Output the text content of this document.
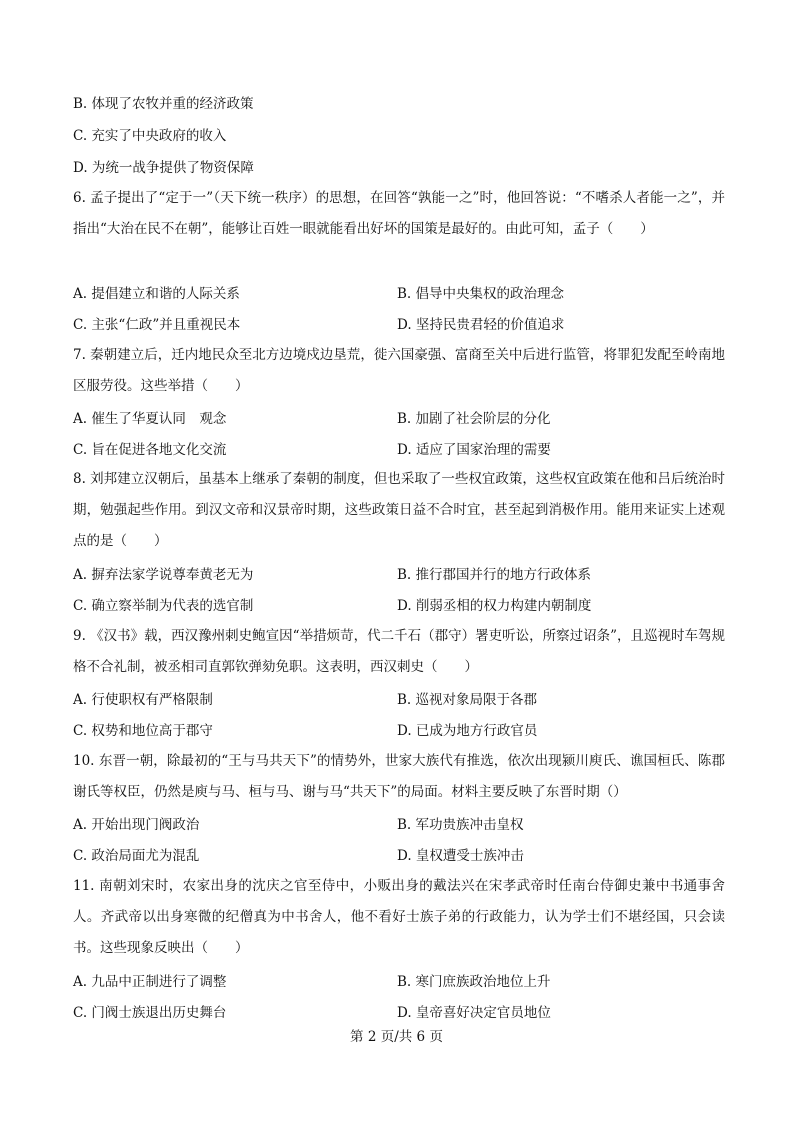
B. 体现了农牧并重的经济政策
C. 充实了中央政府的收入
D. 为统一战争提供了物资保障
6. 孟子提出了“定于一”（天下统一秩序）的思想，在回答“孰能一之”时，他回答说：“不嗜杀人者能一之”，并指出“大治在民不在朝”，能够让百姓一眼就能看出好坏的国策是最好的。由此可知，孟子（　　）
A. 提倡建立和谐的人际关系	B. 倡导中央集权的政治理念
C. 主张“仁政”并且重视民本	D. 坚持民贵君轻的价值追求
7. 秦朝建立后，迁内地民众至北方边境戍边垦荒，徙六国豪强、富商至关中后进行监管，将罪犯发配至岭南地区服劳役。这些举措（　　）
A. 催生了华夏认同　观念	B. 加剧了社会阶层的分化
C. 旨在促进各地文化交流	D. 适应了国家治理的需要
8. 刘邦建立汉朝后，虽基本上继承了秦朝的制度，但也采取了一些权宜政策，这些权宜政策在他和吕后统治时期，勉强起些作用。到汉文帝和汉景帝时期，这些政策日益不合时宜，甚至起到消极作用。能用来证实上述观点的是（　　）
A. 摒弃法家学说尊奉黄老无为	B. 推行郡国并行的地方行政体系
C. 确立察举制为代表的选官制	D. 削弱丞相的权力构建内朝制度
9. 《汉书》载，西汉豫州刺史鲍宣因“举措烦苛，代二千石（郡守）署吏听讼，所察过诏条”，且巡视时车驾规格不合礼制，被丞相司直郭钦弹劾免职。这表明，西汉刺史（　　）
A. 行使职权有严格限制	B. 巡视对象局限于各郡
C. 权势和地位高于郡守	D. 已成为地方行政官员
10. 东晋一朝，除最初的“王与马共天下”的情势外，世家大族代有推选，依次出现颍川庾氏、谯国桓氏、陈郡谢氏等权臣，仍然是庾与马、桓与马、谢与马“共天下”的局面。材料主要反映了东晋时期（）
A. 开始出现门阀政治	B. 军功贵族冲击皇权
C. 政治局面尤为混乱	D. 皇权遭受士族冲击
11. 南朝刘宋时，农家出身的沈庆之官至侍中，小贩出身的戴法兴在宋孝武帝时任南台侍御史兼中书通事舍人。齐武帝以出身寒微的纪僧真为中书舍人，他不看好士族子弟的行政能力，认为学士们不堪经国，只会读书。这些现象反映出（　　）
A. 九品中正制进行了调整	B. 寒门庶族政治地位上升
C. 门阀士族退出历史舞台	D. 皇帝喜好决定官员地位
第 2 页/共 6 页
